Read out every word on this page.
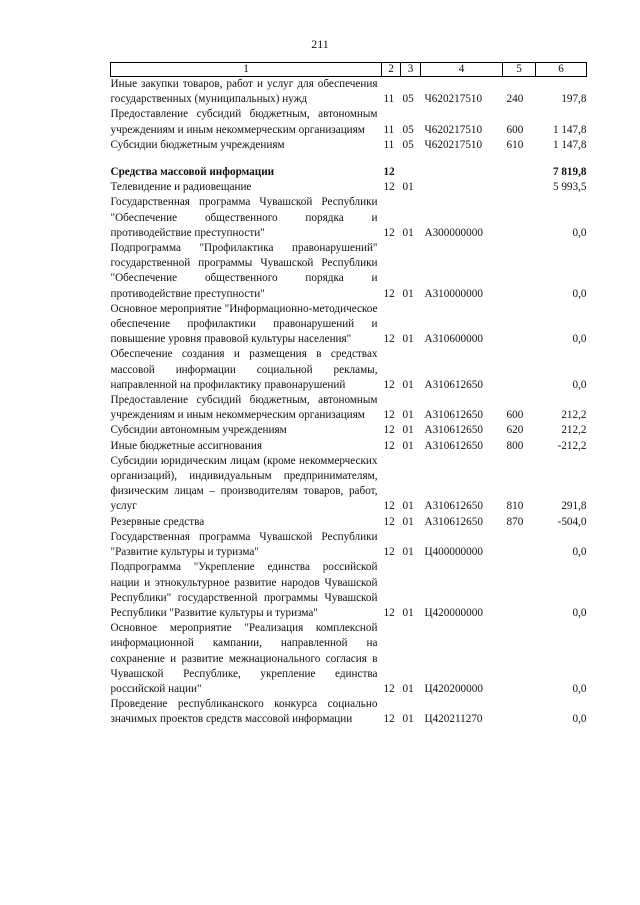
211
1	2	3	4	5	6
Иные закупки товаров, работ и услуг для обеспечения государственных (муниципальных) нужд	11	05	Ч620217510	240	197,8
Предоставление субсидий бюджетным, автономным учреждениям и иным некоммерческим организациям	11	05	Ч620217510	600	1 147,8
Субсидии бюджетным учреждениям	11	05	Ч620217510	610	1 147,8

Средства массовой информации	12				7 819,8
Телевидение и радиовещание	12	01			5 993,5
Государственная программа Чувашской Республики "Обеспечение общественного порядка и противодействие преступности"	12	01	А300000000		0,0
Подпрограмма "Профилактика правонарушений" государственной программы Чувашской Республики "Обеспечение общественного порядка и противодействие преступности"	12	01	А310000000		0,0
Основное мероприятие "Информационно-методическое обеспечение профилактики правонарушений и повышение уровня правовой культуры населения"	12	01	А310600000		0,0
Обеспечение создания и размещения в средствах массовой информации социальной рекламы, направленной на профилактику правонарушений	12	01	А310612650		0,0
Предоставление субсидий бюджетным, автономным учреждениям и иным некоммерческим организациям	12	01	А310612650	600	212,2
Субсидии автономным учреждениям	12	01	А310612650	620	212,2
Иные бюджетные ассигнования	12	01	А310612650	800	-212,2
Субсидии юридическим лицам (кроме некоммерческих организаций), индивидуальным предпринимателям, физическим лицам – производителям товаров, работ, услуг	12	01	А310612650	810	291,8
Резервные средства	12	01	А310612650	870	-504,0
Государственная программа Чувашской Республики "Развитие культуры и туризма"	12	01	Ц400000000		0,0
Подпрограмма "Укрепление единства российской нации и этнокультурное развитие народов Чувашской Республики" государственной программы Чувашской Республики "Развитие культуры и туризма"	12	01	Ц420000000		0,0
Основное мероприятие "Реализация комплексной информационной кампании, направленной на сохранение и развитие межнационального согласия в Чувашской Республике, укрепление единства российской нации"	12	01	Ц420200000		0,0
Проведение республиканского конкурса социально значимых проектов средств массовой информации	12	01	Ц420211270		0,0
